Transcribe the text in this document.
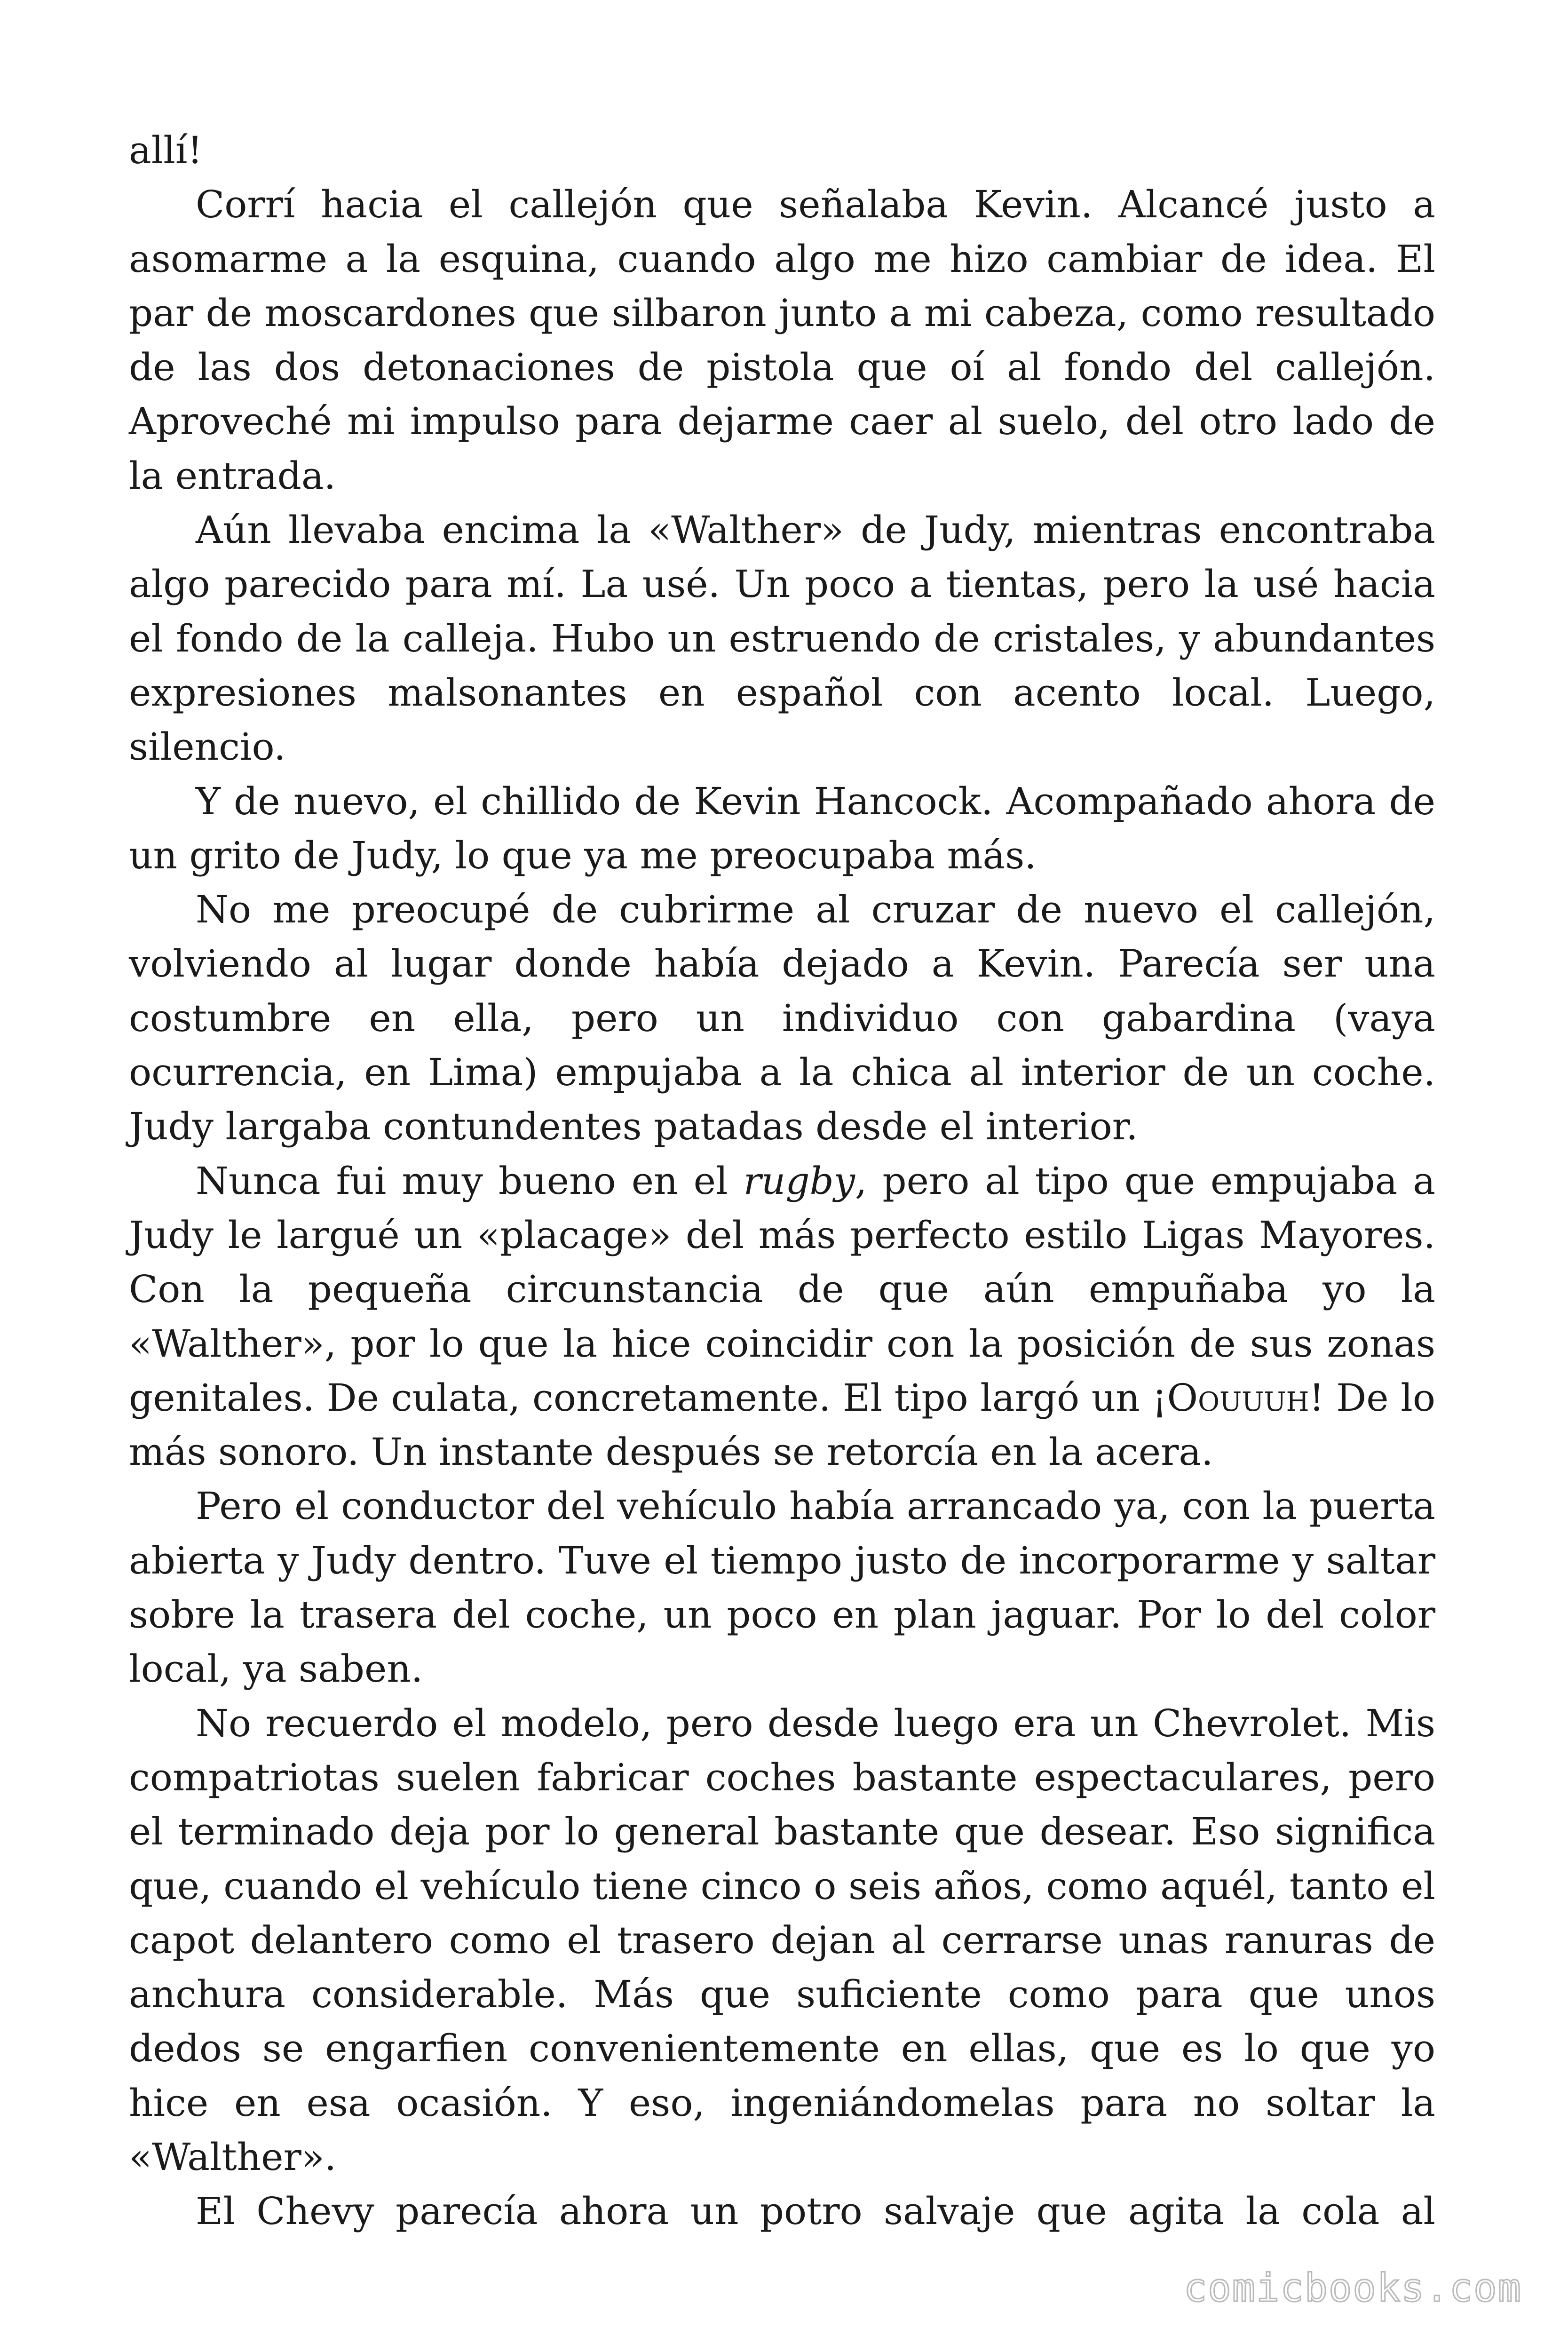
allí!

Corrí hacia el callejón que señalaba Kevin. Alcancé justo a asomarme a la esquina, cuando algo me hizo cambiar de idea. El par de moscardones que silbaron junto a mi cabeza, como resultado de las dos detonaciones de pistola que oí al fondo del callejón. Aproveché mi impulso para dejarme caer al suelo, del otro lado de la entrada.

Aún llevaba encima la «Walther» de Judy, mientras encontraba algo parecido para mí. La usé. Un poco a tientas, pero la usé hacia el fondo de la calleja. Hubo un estruendo de cristales, y abundantes expresiones malsonantes en español con acento local. Luego, silencio.

Y de nuevo, el chillido de Kevin Hancock. Acompañado ahora de un grito de Judy, lo que ya me preocupaba más.

No me preocupé de cubrirme al cruzar de nuevo el callejón, volviendo al lugar donde había dejado a Kevin. Parecía ser una costumbre en ella, pero un individuo con gabardina (vaya ocurrencia, en Lima) empujaba a la chica al interior de un coche. Judy largaba contundentes patadas desde el interior.

Nunca fui muy bueno en el rugby, pero al tipo que empujaba a Judy le largué un «placage» del más perfecto estilo Ligas Mayores. Con la pequeña circunstancia de que aún empuñaba yo la «Walther», por lo que la hice coincidir con la posición de sus zonas genitales. De culata, concretamente. El tipo largó un ¡Oouuuh! De lo más sonoro. Un instante después se retorcía en la acera.

Pero el conductor del vehículo había arrancado ya, con la puerta abierta y Judy dentro. Tuve el tiempo justo de incorporarme y saltar sobre la trasera del coche, un poco en plan jaguar. Por lo del color local, ya saben.

No recuerdo el modelo, pero desde luego era un Chevrolet. Mis compatriotas suelen fabricar coches bastante espectaculares, pero el terminado deja por lo general bastante que desear. Eso significa que, cuando el vehículo tiene cinco o seis años, como aquél, tanto el capot delantero como el trasero dejan al cerrarse unas ranuras de anchura considerable. Más que suficiente como para que unos dedos se engarfien convenientemente en ellas, que es lo que yo hice en esa ocasión. Y eso, ingeniándomelas para no soltar la «Walther».

El Chevy parecía ahora un potro salvaje que agita la cola al

comicbooks.com
